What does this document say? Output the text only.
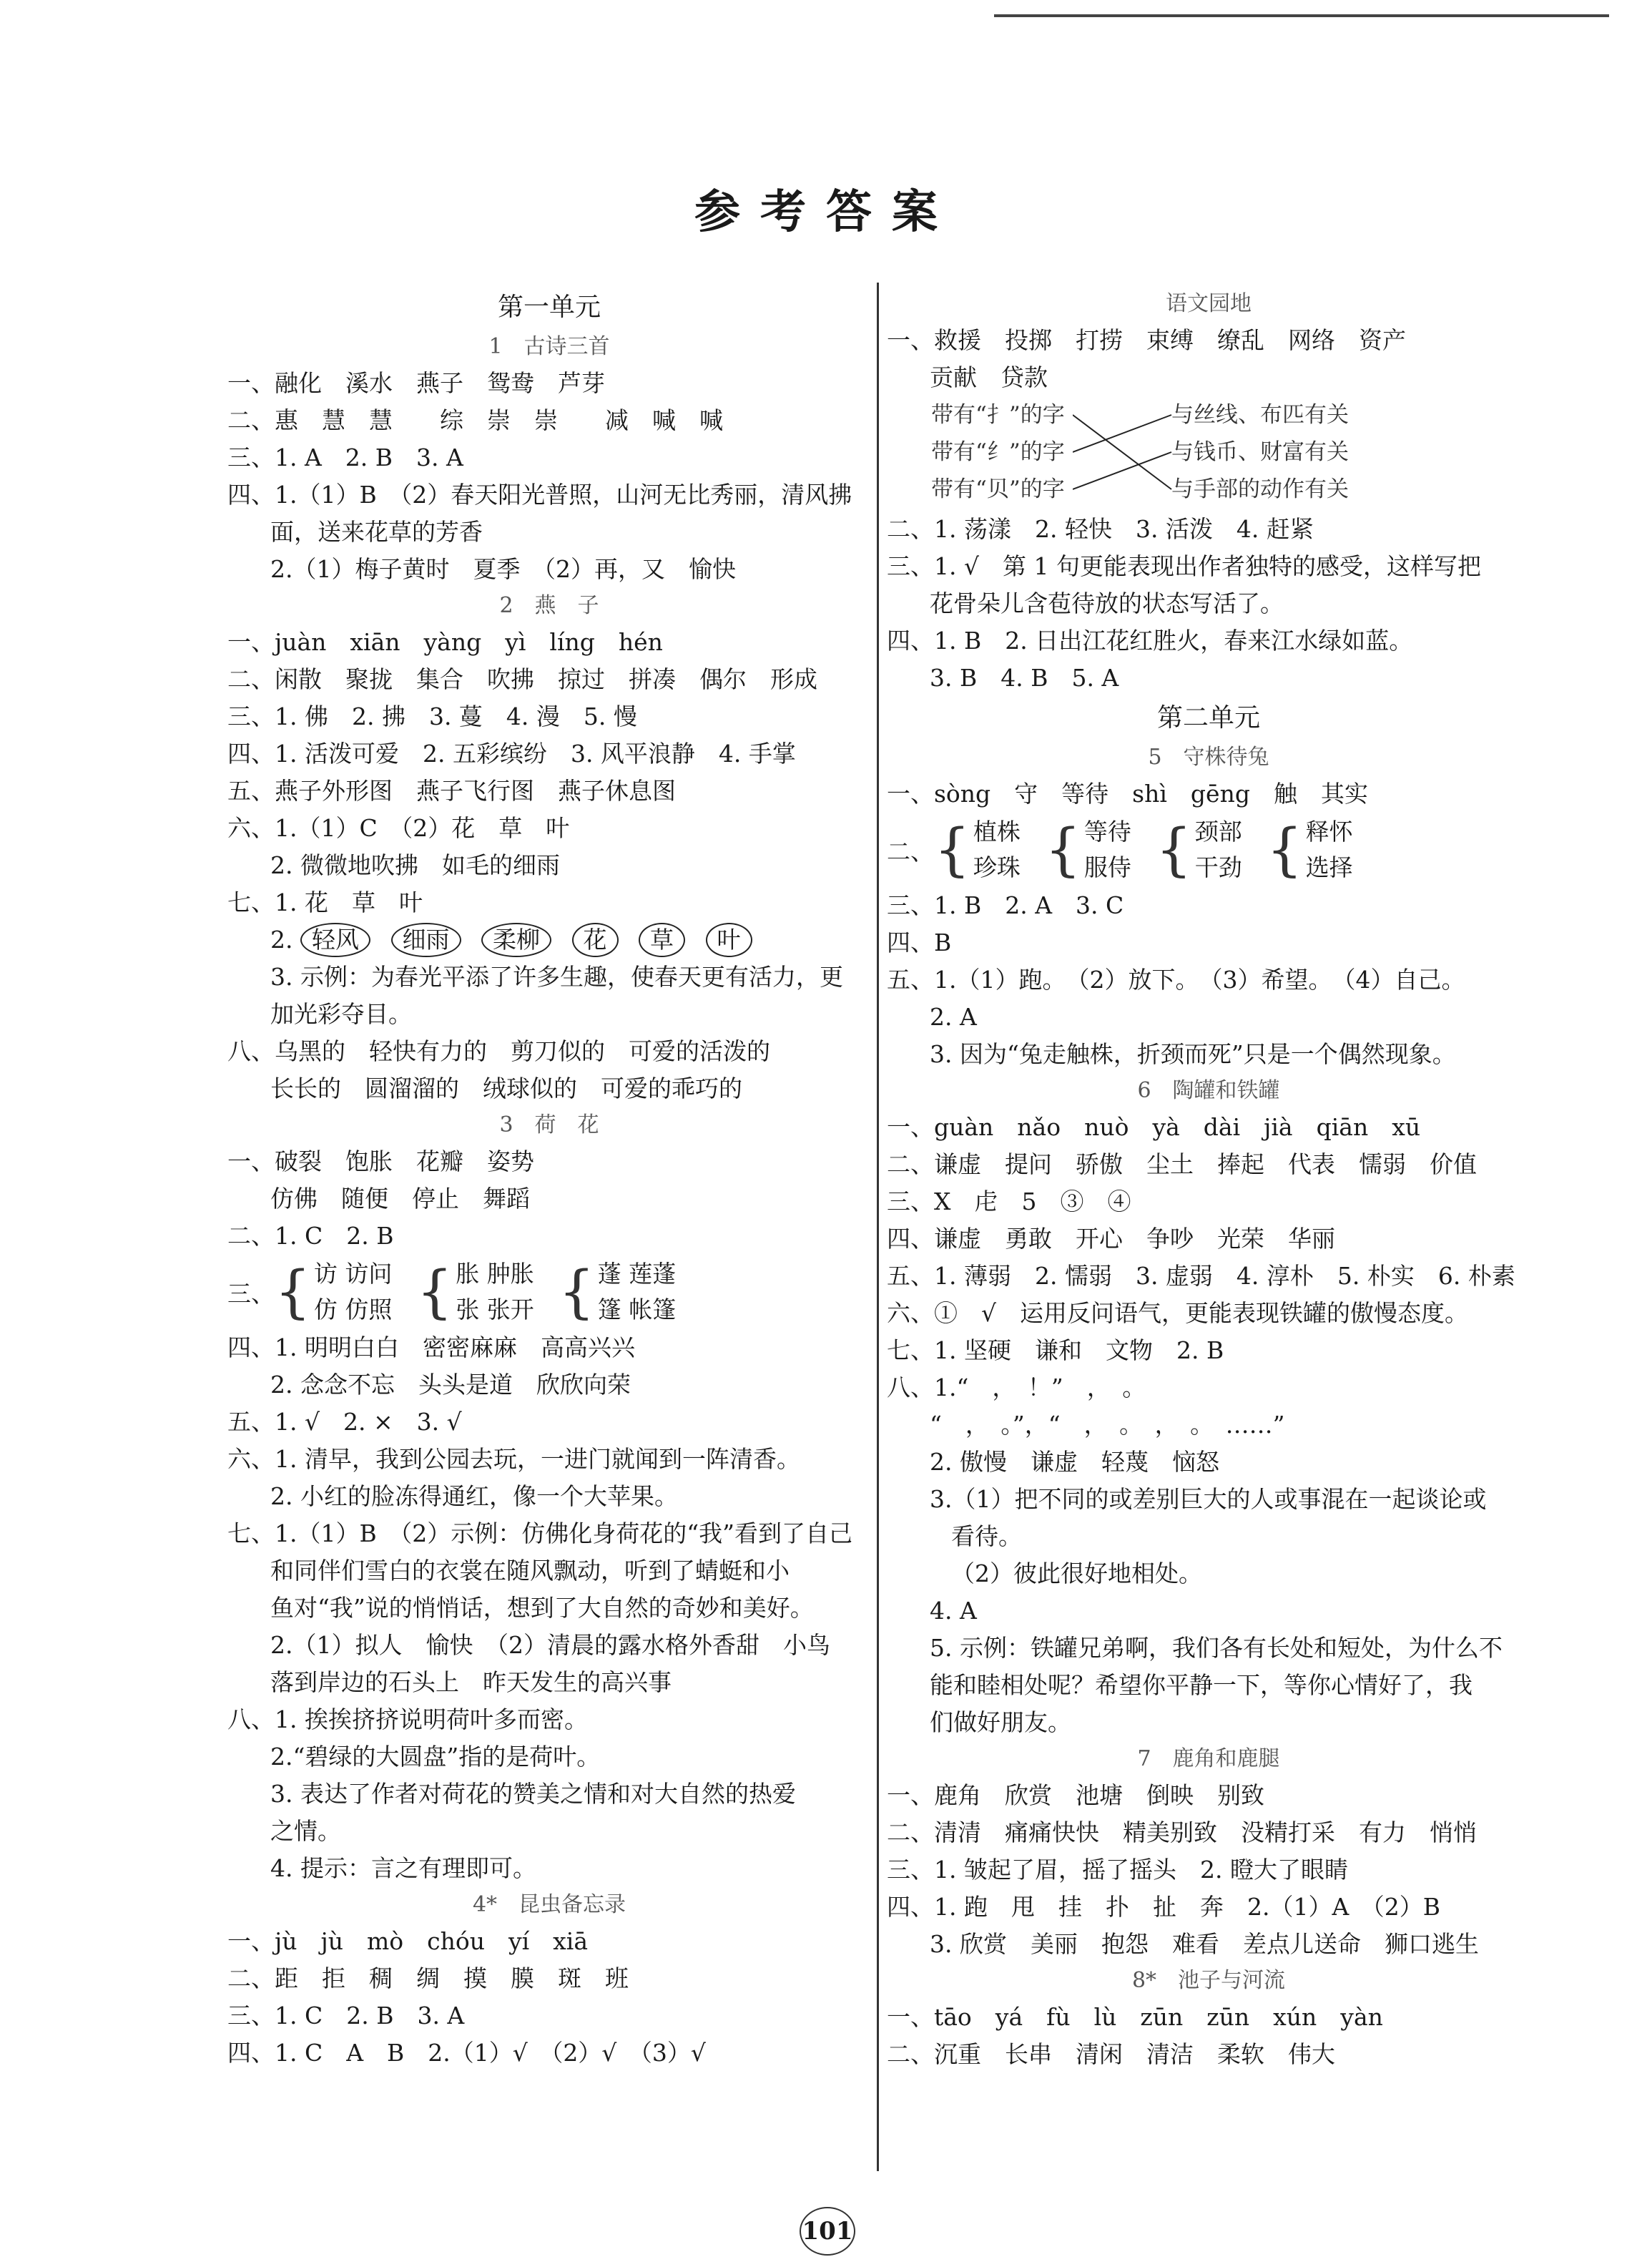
参考答案
第一单元
1　古诗三首
一、融化　溪水　燕子　鸳鸯　芦芽
二、惠　慧　慧　　综　崇　崇　　减　喊　喊
三、1. A　2. B　3. A
四、1.（1）B　（2）春天阳光普照，山河无比秀丽，清风拂
面，送来花草的芳香
2.（1）梅子黄时　夏季　（2）再，又　愉快
2　燕　子
一、juàn　xiān　yàng　yì　líng　hén
二、闲散　聚拢　集合　吹拂　掠过　拼凑　偶尔　形成
三、1. 佛　2. 拂　3. 蔓　4. 漫　5. 慢
四、1. 活泼可爱　2. 五彩缤纷　3. 风平浪静　4. 手掌
五、燕子外形图　燕子飞行图　燕子休息图
六、1.（1）C　（2）花　草　叶
2. 微微地吹拂　如毛的细雨
七、1. 花　草　叶
2. 轻风 细雨 柔柳 花 草 叶
3. 示例：为春光平添了许多生趣，使春天更有活力，更
加光彩夺目。
八、乌黑的　轻快有力的　剪刀似的　可爱的活泼的
长长的　圆溜溜的　绒球似的　可爱的乖巧的
3　荷　花
一、破裂　饱胀　花瓣　姿势
仿佛　随便　停止　舞蹈
二、1. C　2. B
三、 { 访 访问
仿 仿照 { 胀 肿胀
张 张开 { 蓬 莲蓬
篷 帐篷
四、1. 明明白白　密密麻麻　高高兴兴
2. 念念不忘　头头是道　欣欣向荣
五、1. √　2. ×　3. √
六、1. 清早，我到公园去玩，一进门就闻到一阵清香。
2. 小红的脸冻得通红，像一个大苹果。
七、1.（1）B　（2）示例：仿佛化身荷花的“我”看到了自己
和同伴们雪白的衣裳在随风飘动，听到了蜻蜓和小
鱼对“我”说的悄悄话，想到了大自然的奇妙和美好。
2.（1）拟人　愉快　（2）清晨的露水格外香甜　小鸟
落到岸边的石头上　昨天发生的高兴事
八、1. 挨挨挤挤说明荷叶多而密。
2.“碧绿的大圆盘”指的是荷叶。
3. 表达了作者对荷花的赞美之情和对大自然的热爱
之情。
4. 提示：言之有理即可。
4*　昆虫备忘录
一、jù　jù　mò　chóu　yí　xiā
二、距　拒　稠　绸　摸　膜　斑　班
三、1. C　2. B　3. A
四、1. C　A　B　2.（1）√　（2）√　（3）√
语文园地
一、救援　投掷　打捞　束缚　缭乱　网络　资产
贡献　贷款
带有“扌”的字
带有“纟”的字
带有“贝”的字
与丝线、布匹有关
与钱币、财富有关
与手部的动作有关
二、1. 荡漾　2. 轻快　3. 活泼　4. 赶紧
三、1. √　第 1 句更能表现出作者独特的感受，这样写把
花骨朵儿含苞待放的状态写活了。
四、1. B　2. 日出江花红胜火，春来江水绿如蓝。
3. B　4. B　5. A
第二单元
5　守株待兔
一、sòng　守　等待　shì　gēng　触　其实
二、 { 植株
珍珠 { 等待
服侍 { 颈部
干劲 { 释怀
选择
三、1. B　2. A　3. C
四、B
五、1.（1）跑。　（2）放下。　（3）希望。　（4）自己。
2. A
3. 因为“兔走触株，折颈而死”只是一个偶然现象。
6　陶罐和铁罐
一、guàn　nǎo　nuò　yà　dài　jià　qiān　xū
二、谦虚　提问　骄傲　尘土　捧起　代表　懦弱　价值
三、X　虍　5　③　④
四、谦虚　勇敢　开心　争吵　光荣　华丽
五、1. 薄弱　2. 懦弱　3. 虚弱　4. 淳朴　5. 朴实　6. 朴素
六、①　√　运用反问语气，更能表现铁罐的傲慢态度。
七、1. 坚硬　谦和　文物　2. B
八、1.“　，　！”　，　。
“　，　。”，“　，　。　，　。　……”
2. 傲慢　谦虚　轻蔑　恼怒
3.（1）把不同的或差别巨大的人或事混在一起谈论或
看待。
（2）彼此很好地相处。
4. A
5. 示例：铁罐兄弟啊，我们各有长处和短处，为什么不
能和睦相处呢？希望你平静一下，等你心情好了，我
们做好朋友。
7　鹿角和鹿腿
一、鹿角　欣赏　池塘　倒映　别致
二、清清　痛痛快快　精美别致　没精打采　有力　悄悄
三、1. 皱起了眉，摇了摇头　2. 瞪大了眼睛
四、1. 跑　甩　挂　扑　扯　奔　2.（1）A　（2）B
3. 欣赏　美丽　抱怨　难看　差点儿送命　狮口逃生
8*　池子与河流
一、tāo　yá　fù　lù　zūn　zūn　xún　yàn
二、沉重　长串　清闲　清洁　柔软　伟大
101
